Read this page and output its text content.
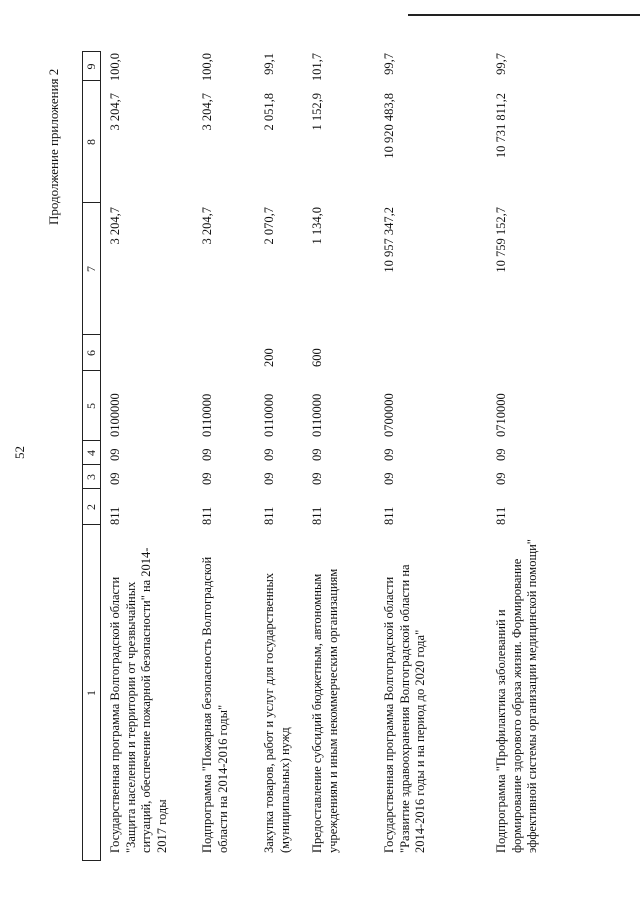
Продолжение приложения 2
52
1
2
3
4
5
6
7
8
9
Государственная программа Волгоградской области "Защита населения и территории от чрезвычайных ситуаций, обеспечение пожарной безопасности" на 2014-2017 годы
811
09
09
0100000
3 204,7
3 204,7
100,0
Подпрограмма "Пожарная безопасность Волгоградской области на 2014-2016 годы"
811
09
09
0110000
3 204,7
3 204,7
100,0
Закупка товаров, работ и услуг для государственных (муниципальных) нужд
811
09
09
0110000
200
2 070,7
2 051,8
99,1
Предоставление субсидий бюджетным, автономным учреждениям и иным некоммерческим организациям
811
09
09
0110000
600
1 134,0
1 152,9
101,7
Государственная программа Волгоградской области "Развитие здравоохранения Волгоградской области на 2014-2016 годы и на период до 2020 года"
811
09
09
0700000
10 957 347,2
10 920 483,8
99,7
Подпрограмма "Профилактика заболеваний и формирование здорового образа жизни. Формирование эффективной системы организации медицинской помощи"
811
09
09
0710000
10 759 152,7
10 731 811,2
99,7
